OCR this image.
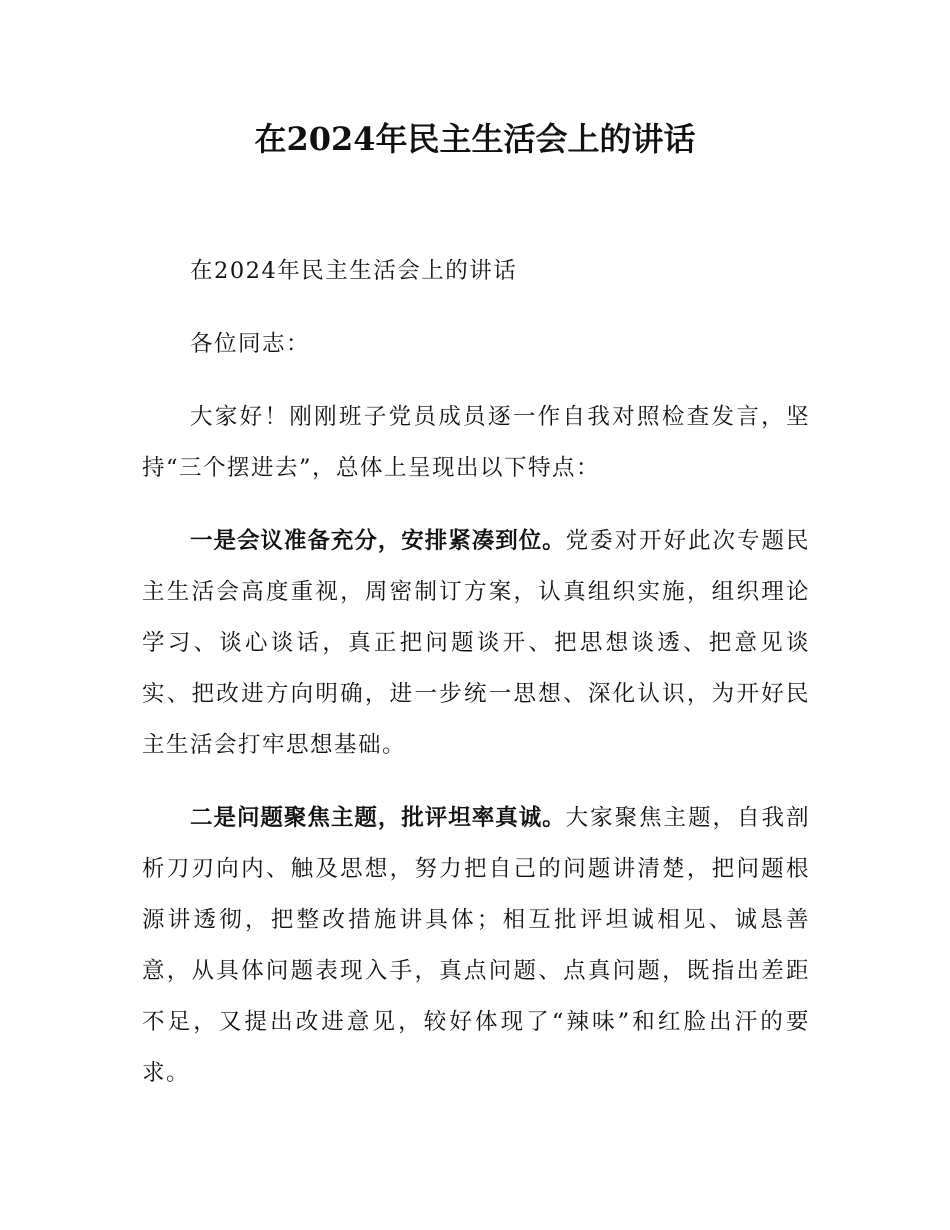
在2024年民主生活会上的讲话

在2024年民主生活会上的讲话

各位同志：

大家好！刚刚班子党员成员逐一作自我对照检查发言，坚持“三个摆进去”，总体上呈现出以下特点：

一是会议准备充分，安排紧凑到位。党委对开好此次专题民主生活会高度重视，周密制订方案，认真组织实施，组织理论学习、谈心谈话，真正把问题谈开、把思想谈透、把意见谈实、把改进方向明确，进一步统一思想、深化认识，为开好民主生活会打牢思想基础。

二是问题聚焦主题，批评坦率真诚。大家聚焦主题，自我剖析刀刃向内、触及思想，努力把自己的问题讲清楚，把问题根源讲透彻，把整改措施讲具体；相互批评坦诚相见、诚恳善意，从具体问题表现入手，真点问题、点真问题，既指出差距不足，又提出改进意见，较好体现了“辣味”和红脸出汗的要求。
